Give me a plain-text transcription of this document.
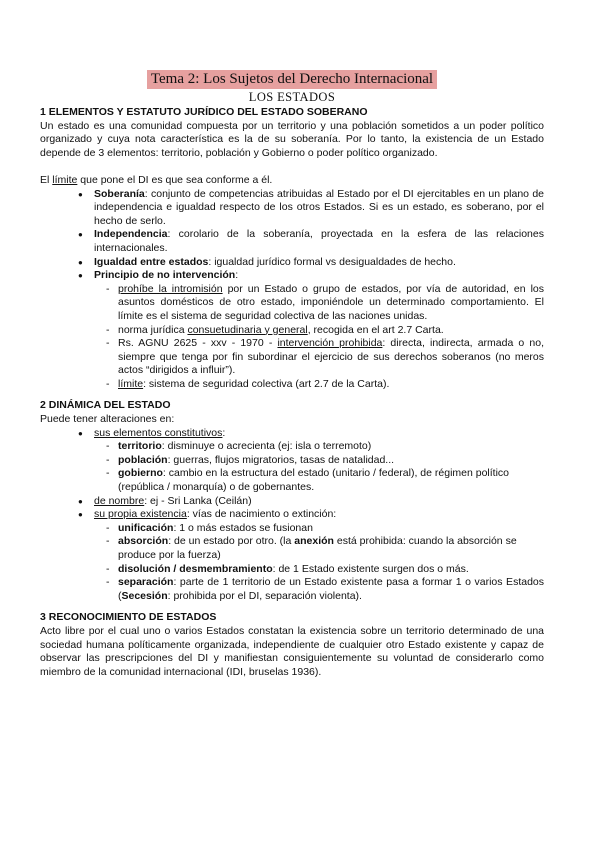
Tema 2: Los Sujetos del Derecho Internacional
LOS ESTADOS
1 ELEMENTOS Y ESTATUTO JURÍDICO DEL ESTADO SOBERANO

Un estado es una comunidad compuesta por un territorio y una población sometidos a un poder político organizado y cuya nota característica es la de su soberanía. Por lo tanto, la existencia de un Estado depende de 3 elementos: territorio, población y Gobierno o poder político organizado.

El límite que pone el DI es que sea conforme a él.

● Soberanía: conjunto de competencias atribuidas al Estado por el DI ejercitables en un plano de independencia e igualdad respecto de los otros Estados. Si es un estado, es soberano, por el hecho de serlo.
● Independencia: corolario de la soberanía, proyectada en la esfera de las relaciones internacionales.
● Igualdad entre estados: igualdad jurídico formal vs desigualdades de hecho.
● Principio de no intervención:
- prohíbe la intromisión por un Estado o grupo de estados, por vía de autoridad, en los asuntos domésticos de otro estado, imponiéndole un determinado comportamiento. El límite es el sistema de seguridad colectiva de las naciones unidas.
- norma jurídica consuetudinaria y general, recogida en el art 2.7 Carta.
- Rs. AGNU 2625 - xxv - 1970 - intervención prohibida: directa, indirecta, armada o no, siempre que tenga por fin subordinar el ejercicio de sus derechos soberanos (no meros actos “dirigidos a influir”).
- límite: sistema de seguridad colectiva (art 2.7 de la Carta).
2 DINÁMICA DEL ESTADO

Puede tener alteraciones en:

● sus elementos constitutivos:
- territorio: disminuye o acrecienta (ej: isla o terremoto)
- población: guerras, flujos migratorios, tasas de natalidad...
- gobierno: cambio en la estructura del estado (unitario / federal), de régimen político (república / monarquía) o de gobernantes.
● de nombre: ej - Sri Lanka (Ceilán)
● su propia existencia: vías de nacimiento o extinción:
- unificación: 1 o más estados se fusionan
- absorción: de un estado por otro. (la anexión está prohibida: cuando la absorción se produce por la fuerza)
- disolución / desmembramiento: de 1 Estado existente surgen dos o más.
- separación: parte de 1 territorio de un Estado existente pasa a formar 1 o varios Estados (Secesión: prohibida por el DI, separación violenta).
3 RECONOCIMIENTO DE ESTADOS

Acto libre por el cual uno o varios Estados constatan la existencia sobre un territorio determinado de una sociedad humana políticamente organizada, independiente de cualquier otro Estado existente y capaz de observar las prescripciones del DI y manifiestan consiguientemente su voluntad de considerarlo como miembro de la comunidad internacional (IDI, bruselas 1936).
